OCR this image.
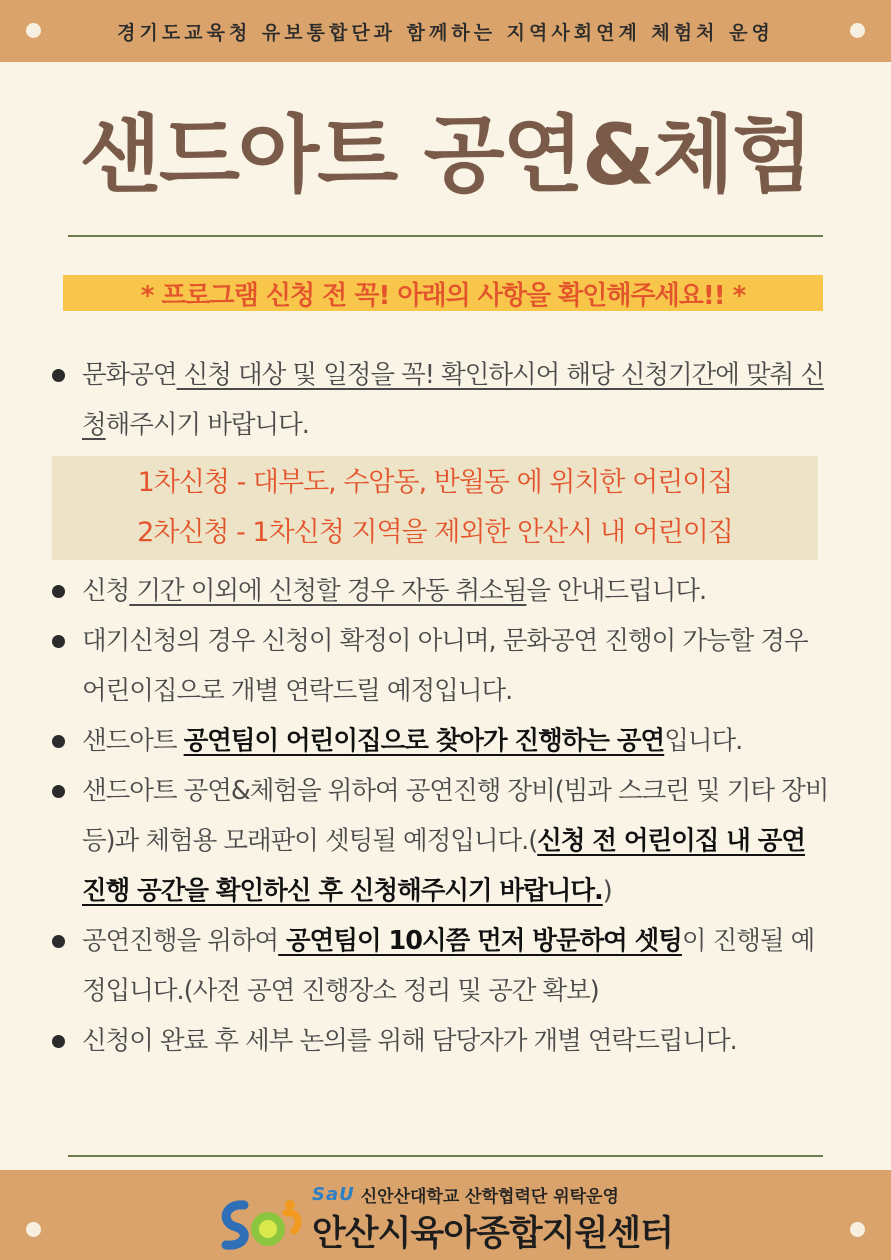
경기도교육청 유보통합단과 함께하는 지역사회연계 체험처 운영
샌드아트 공연&체험
* 프로그램 신청 전 꼭! 아래의 사항을 확인해주세요!! *
문화공연 신청 대상 및 일정을 꼭! 확인하시어 해당 신청기간에 맞춰 신청해주시기 바랍니다.
1차신청 - 대부도, 수암동, 반월동 에 위치한 어린이집
2차신청 - 1차신청 지역을 제외한 안산시 내 어린이집
신청 기간 이외에 신청할 경우 자동 취소됨을 안내드립니다.
대기신청의 경우 신청이 확정이 아니며, 문화공연 진행이 가능할 경우 어린이집으로 개별 연락드릴 예정입니다.
샌드아트 공연팀이 어린이집으로 찾아가 진행하는 공연입니다.
샌드아트 공연&체험을 위하여 공연진행 장비(빔과 스크린 및 기타 장비 등)과 체험용 모래판이 셋팅될 예정입니다.(신청 전 어린이집 내 공연 진행 공간을 확인하신 후 신청해주시기 바랍니다.)
공연진행을 위하여 공연팀이 10시쯤 먼저 방문하여 셋팅이 진행될 예정입니다.(사전 공연 진행장소 정리 및 공간 확보)
신청이 완료 후 세부 논의를 위해 담당자가 개별 연락드립니다.
SaU 신안산대학교 산학협력단 위탁운영
안산시육아종합지원센터
